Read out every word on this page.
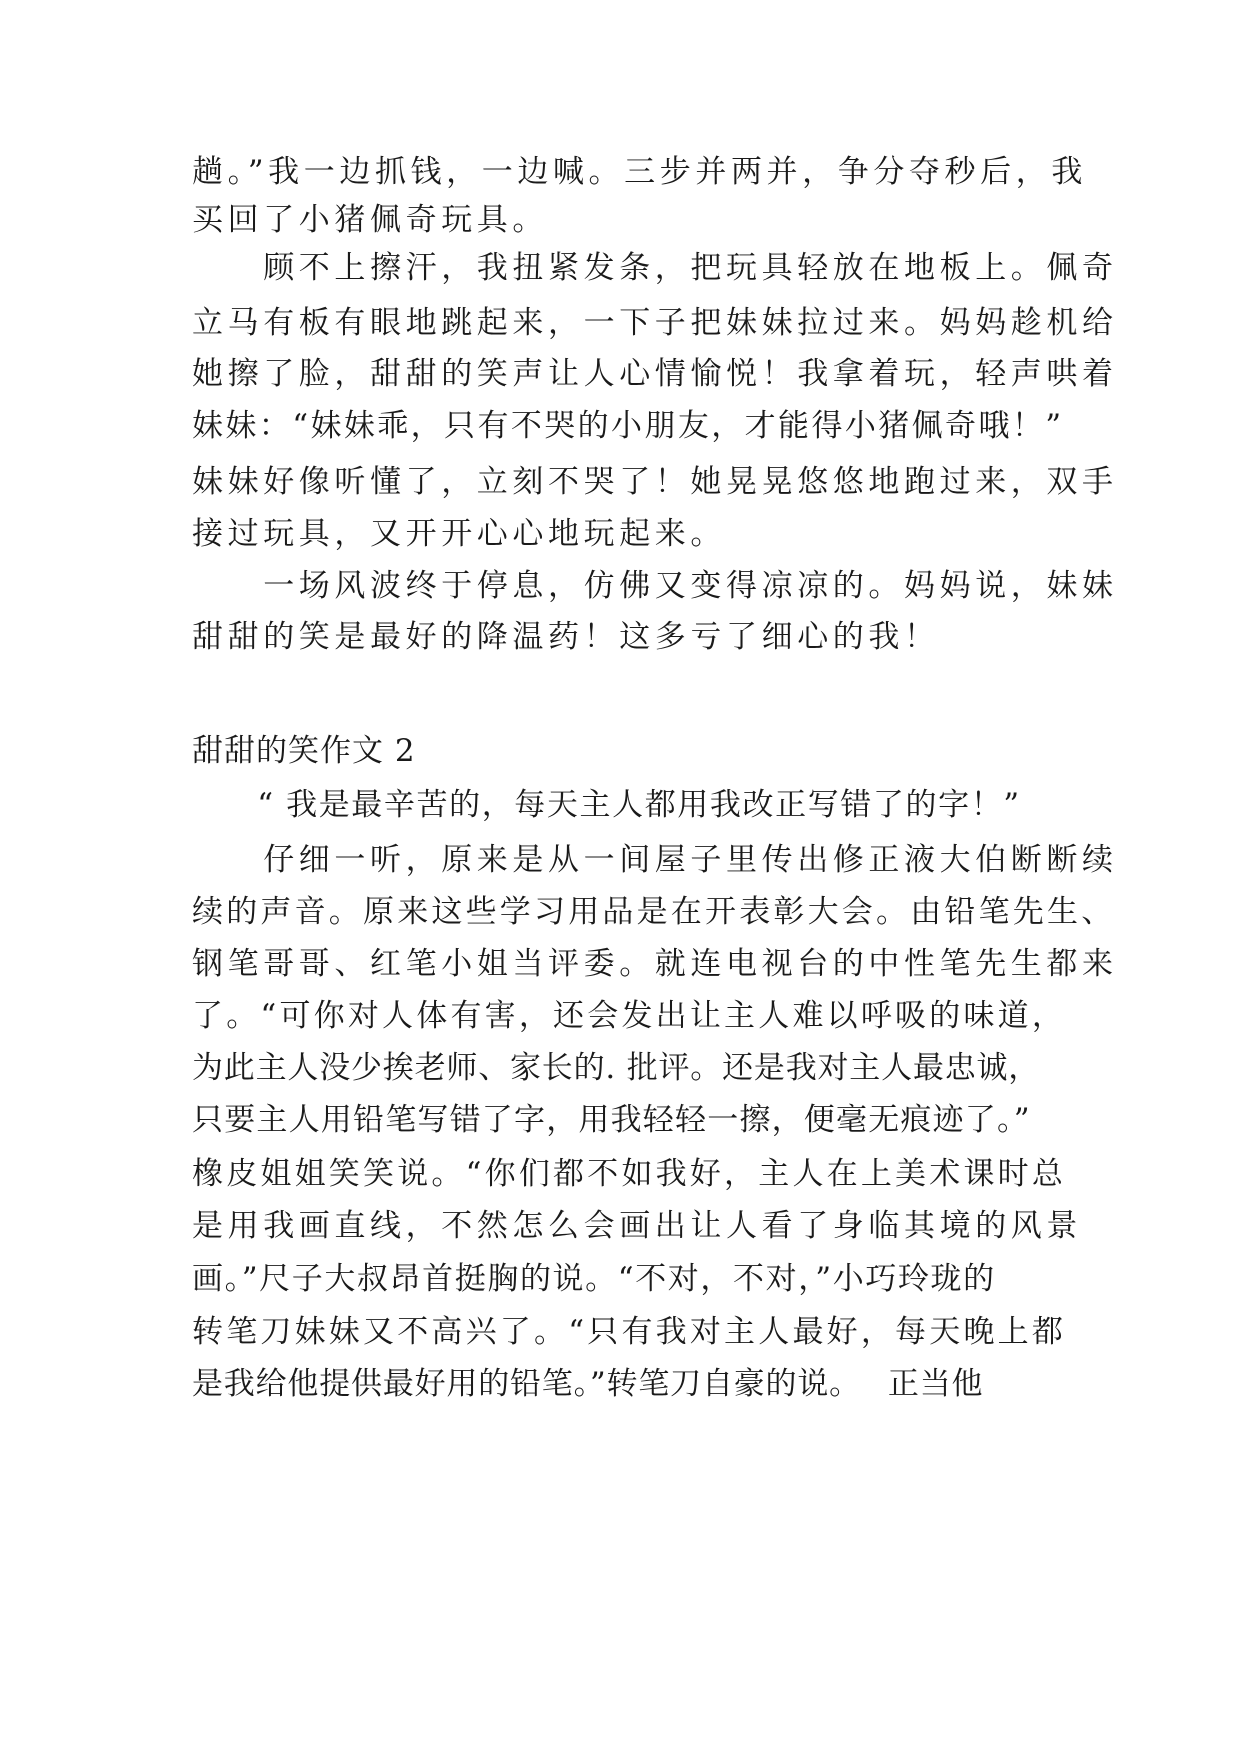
趟。”我一边抓钱，一边喊。三步并两并，争分夺秒后，我
买回了小猪佩奇玩具。
　　顾不上擦汗，我扭紧发条，把玩具轻放在地板上。佩奇
立马有板有眼地跳起来，一下子把妹妹拉过来。妈妈趁机给
她擦了脸，甜甜的笑声让人心情愉悦！我拿着玩，轻声哄着
妹妹：“妹妹乖，只有不哭的小朋友，才能得小猪佩奇哦！”
妹妹好像听懂了，立刻不哭了！她晃晃悠悠地跑过来，双手
接过玩具，又开开心心地玩起来。
　　一场风波终于停息，仿佛又变得凉凉的。妈妈说，妹妹
甜甜的笑是最好的降温药！这多亏了细心的我！
甜甜的笑作文 2
　　“ 我是最辛苦的，每天主人都用我改正写错了的字！”
　　仔细一听，原来是从一间屋子里传出修正液大伯断断续
续的声音。原来这些学习用品是在开表彰大会。由铅笔先生、
钢笔哥哥、红笔小姐当评委。就连电视台的中性笔先生都来
了。“可你对人体有害，还会发出让主人难以呼吸的味道，
为此主人没少挨老师、家长的. 批评。还是我对主人最忠诚，
只要主人用铅笔写错了字，用我轻轻一擦，便毫无痕迹了。”
橡皮姐姐笑笑说。“你们都不如我好，主人在上美术课时总
是用我画直线，不然怎么会画出让人看了身临其境的风景
画。”尺子大叔昂首挺胸的说。“不对，不对，”小巧玲珑的
转笔刀妹妹又不高兴了。“只有我对主人最好，每天晚上都
是我给他提供最好用的铅笔。”转笔刀自豪的说。　 正当他
